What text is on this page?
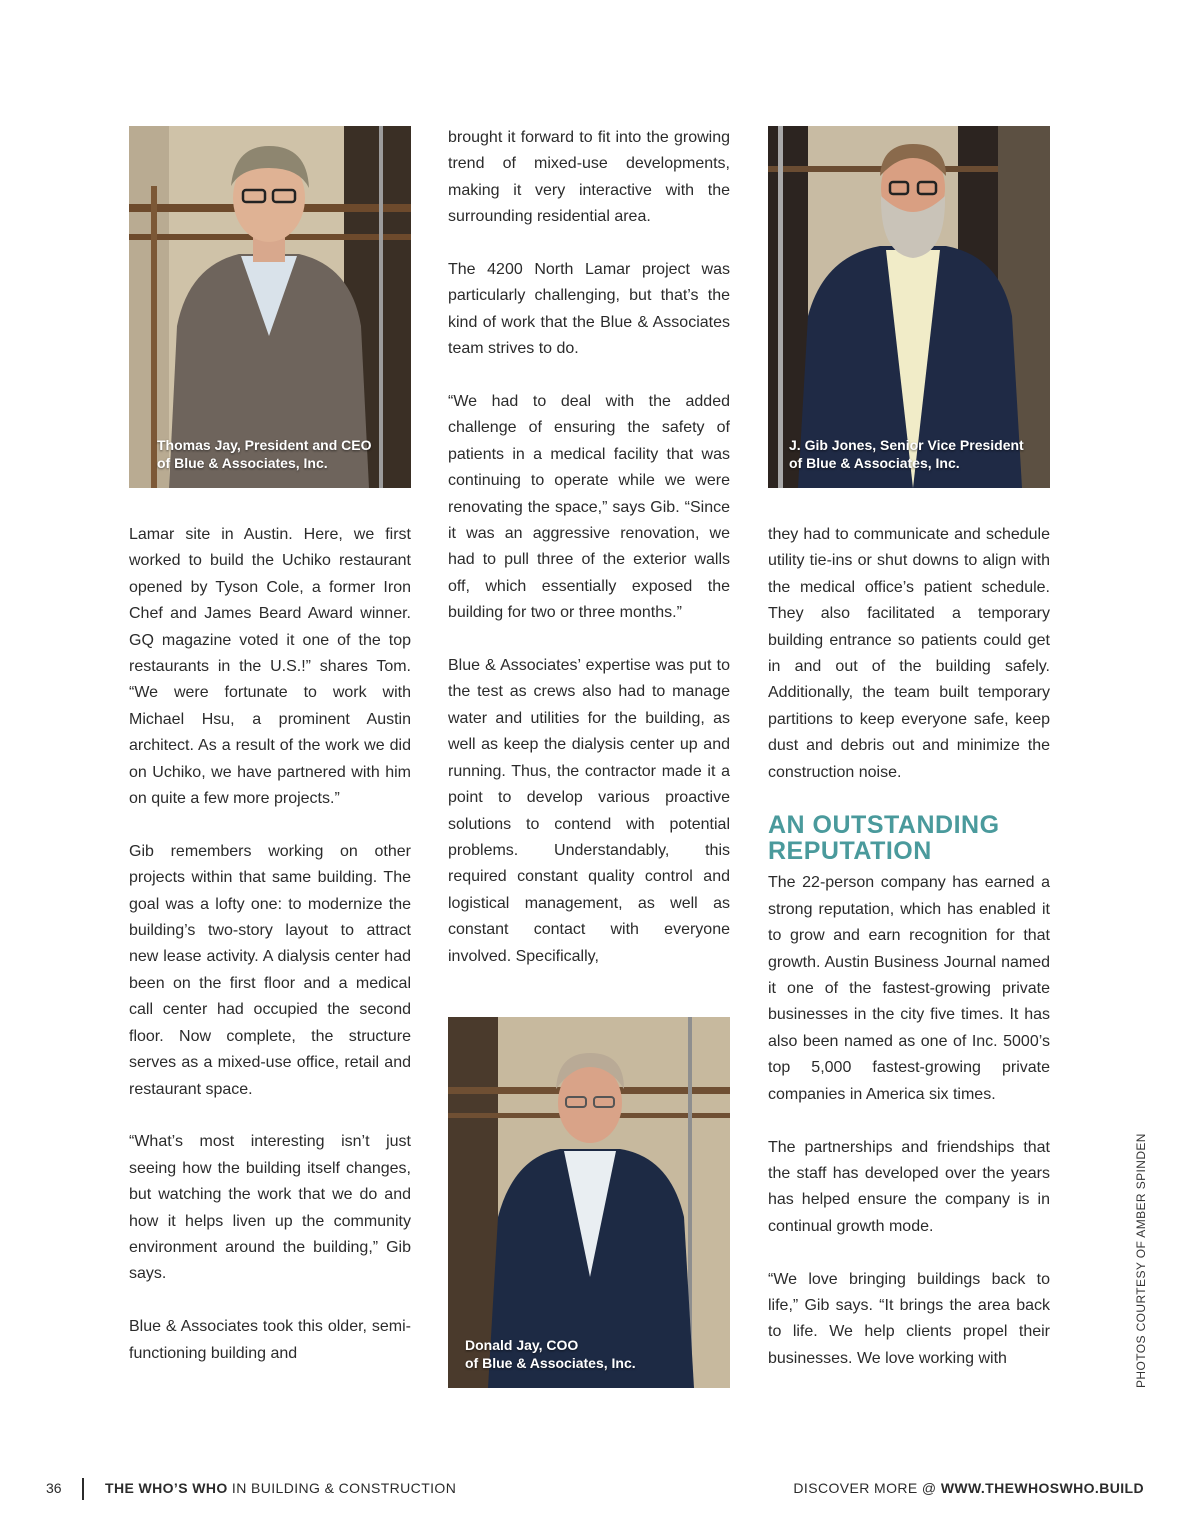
Thomas Jay, President and CEO
of Blue & Associates, Inc.
J. Gib Jones, Senior Vice President
of Blue & Associates, Inc.
Donald Jay, COO
of Blue & Associates, Inc.

Lamar site in Austin. Here, we first worked to build the Uchiko restaurant opened by Tyson Cole, a former Iron Chef and James Beard Award winner. GQ magazine voted it one of the top restaurants in the U.S.!” shares Tom. “We were fortunate to work with Michael Hsu, a prominent Austin architect. As a result of the work we did on Uchiko, we have partnered with him on quite a few more projects.”

Gib remembers working on other projects within that same building. The goal was a lofty one: to modernize the building’s two-story layout to attract new lease activity. A dialysis center had been on the first floor and a medical call center had occupied the second floor. Now complete, the structure serves as a mixed-use office, retail and restaurant space.

“What’s most interesting isn’t just seeing how the building itself changes, but watching the work that we do and how it helps liven up the community environment around the building,” Gib says.

Blue & Associates took this older, semi-functioning building and

brought it forward to fit into the growing trend of mixed-use developments, making it very interactive with the surrounding residential area.

The 4200 North Lamar project was particularly challenging, but that’s the kind of work that the Blue & Associates team strives to do.

“We had to deal with the added challenge of ensuring the safety of patients in a medical facility that was continuing to operate while we were renovating the space,” says Gib. “Since it was an aggressive renovation, we had to pull three of the exterior walls off, which essentially exposed the building for two or three months.”

Blue & Associates’ expertise was put to the test as crews also had to manage water and utilities for the building, as well as keep the dialysis center up and running. Thus, the contractor made it a point to develop various proactive solutions to contend with potential problems. Understandably, this required constant quality control and logistical management, as well as constant contact with everyone involved. Specifically,

they had to communicate and schedule utility tie-ins or shut downs to align with the medical office’s patient schedule. They also facilitated a temporary building entrance so patients could get in and out of the building safely. Additionally, the team built temporary partitions to keep everyone safe, keep dust and debris out and minimize the construction noise.

AN OUTSTANDING
REPUTATION

The 22-person company has earned a strong reputation, which has enabled it to grow and earn recognition for that growth. Austin Business Journal named it one of the fastest-growing private businesses in the city five times. It has also been named as one of Inc. 5000’s top 5,000 fastest-growing private companies in America six times.

The partnerships and friendships that the staff has developed over the years has helped ensure the company is in continual growth mode.

“We love bringing buildings back to life,” Gib says. “It brings the area back to life. We help clients propel their businesses. We love working with	PHOTOS COURTESY OF AMBER SPINDEN
36	THE WHO’S WHO IN BUILDING & CONSTRUCTION	DISCOVER MORE @ WWW.THEWHOSWHO.BUILD
